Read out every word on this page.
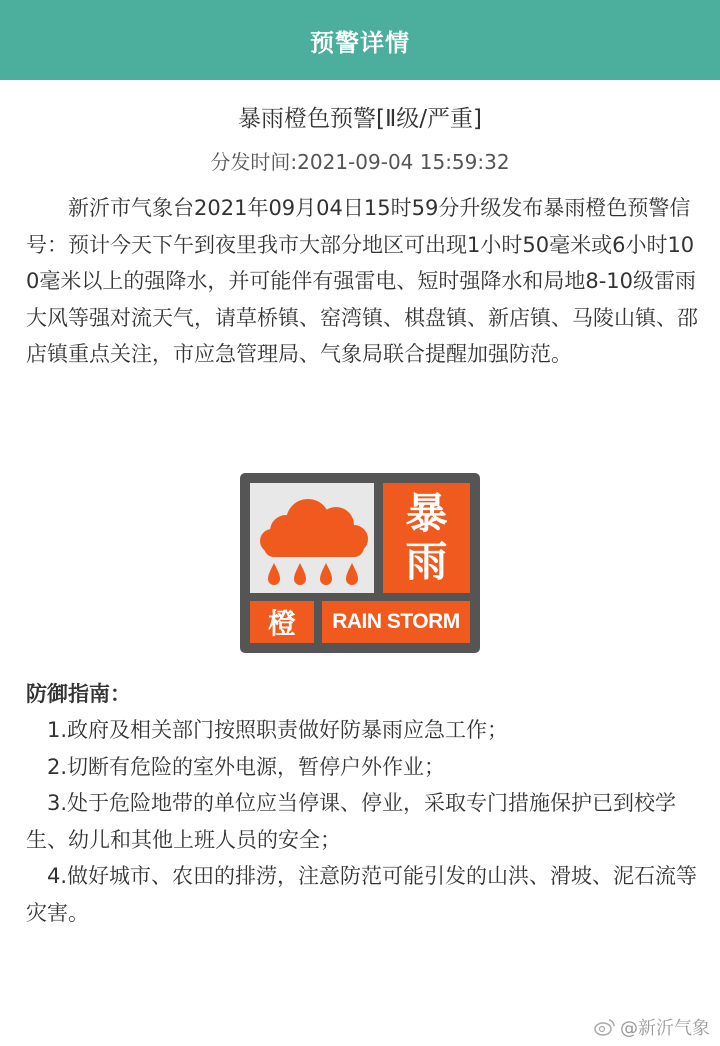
预警详情
暴雨橙色预警[Ⅱ级/严重]
分发时间:2021-09-04 15:59:32

新沂市气象台2021年09月04日15时59分升级发布暴雨橙色预警信号：预计今天下午到夜里我市大部分地区可出现1小时50毫米或6小时100毫米以上的强降水，并可能伴有强雷电、短时强降水和局地8-10级雷雨大风等强对流天气，请草桥镇、窑湾镇、棋盘镇、新店镇、马陵山镇、邵店镇重点关注，市应急管理局、气象局联合提醒加强防范。

暴
雨
橙	RAIN STORM
防御指南：
1.政府及相关部门按照职责做好防暴雨应急工作；
2.切断有危险的室外电源，暂停户外作业；
3.处于危险地带的单位应当停课、停业，采取专门措施保护已到校学生、幼儿和其他上班人员的安全；
4.做好城市、农田的排涝，注意防范可能引发的山洪、滑坡、泥石流等灾害。
@新沂气象
